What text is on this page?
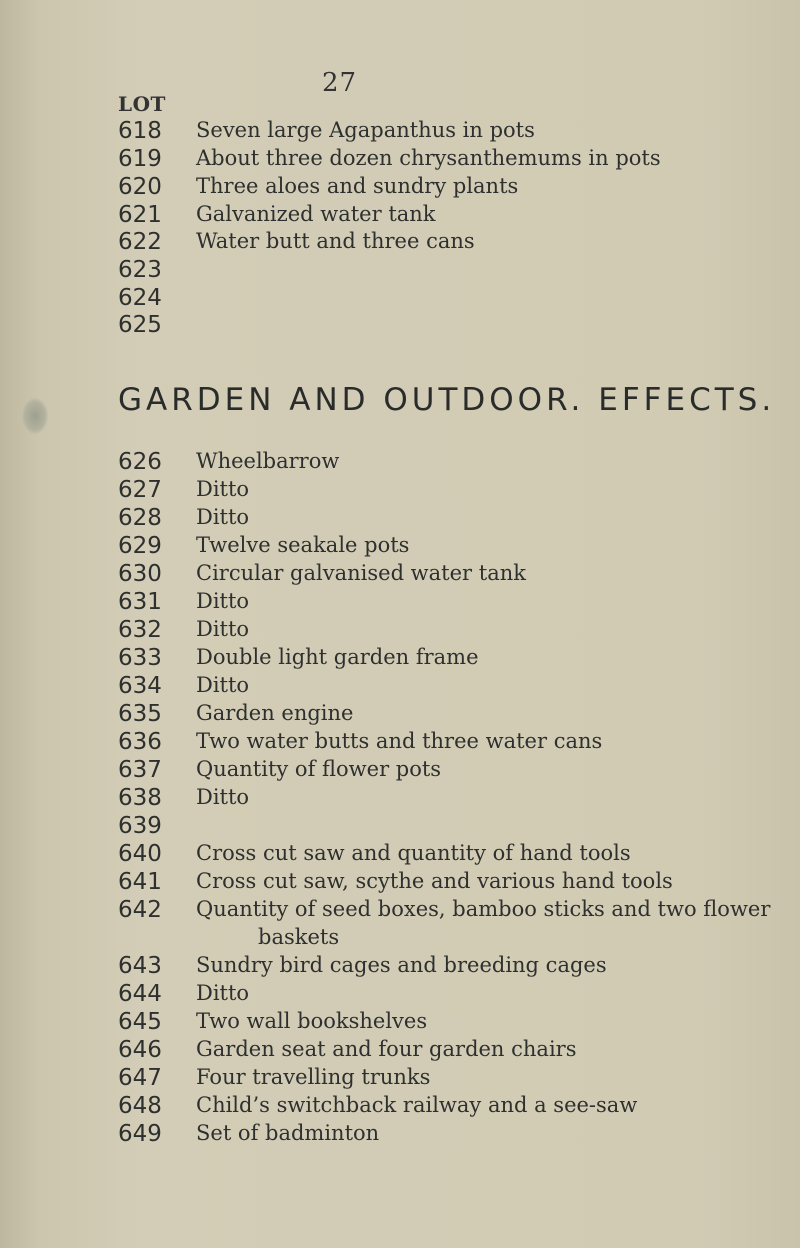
27
LOT
GARDEN AND OUTDOOR. EFFECTS.
618 Seven large Agapanthus in pots
619 About three dozen chrysanthemums in pots
620 Three aloes and sundry plants
621 Galvanized water tank
622 Water butt and three cans
623
624
625
626 Wheelbarrow
627 Ditto
628 Ditto
629 Twelve seakale pots
630 Circular galvanised water tank
631 Ditto
632 Ditto
633 Double light garden frame
634 Ditto
635 Garden engine
636 Two water butts and three water cans
637 Quantity of flower pots
638 Ditto
639
640 Cross cut saw and quantity of hand tools
641 Cross cut saw, scythe and various hand tools
642 Quantity of seed boxes, bamboo sticks and two flower
baskets
643 Sundry bird cages and breeding cages
644 Ditto
645 Two wall bookshelves
646 Garden seat and four garden chairs
647 Four travelling trunks
648 Child’s switchback railway and a see-saw
649 Set of badminton
